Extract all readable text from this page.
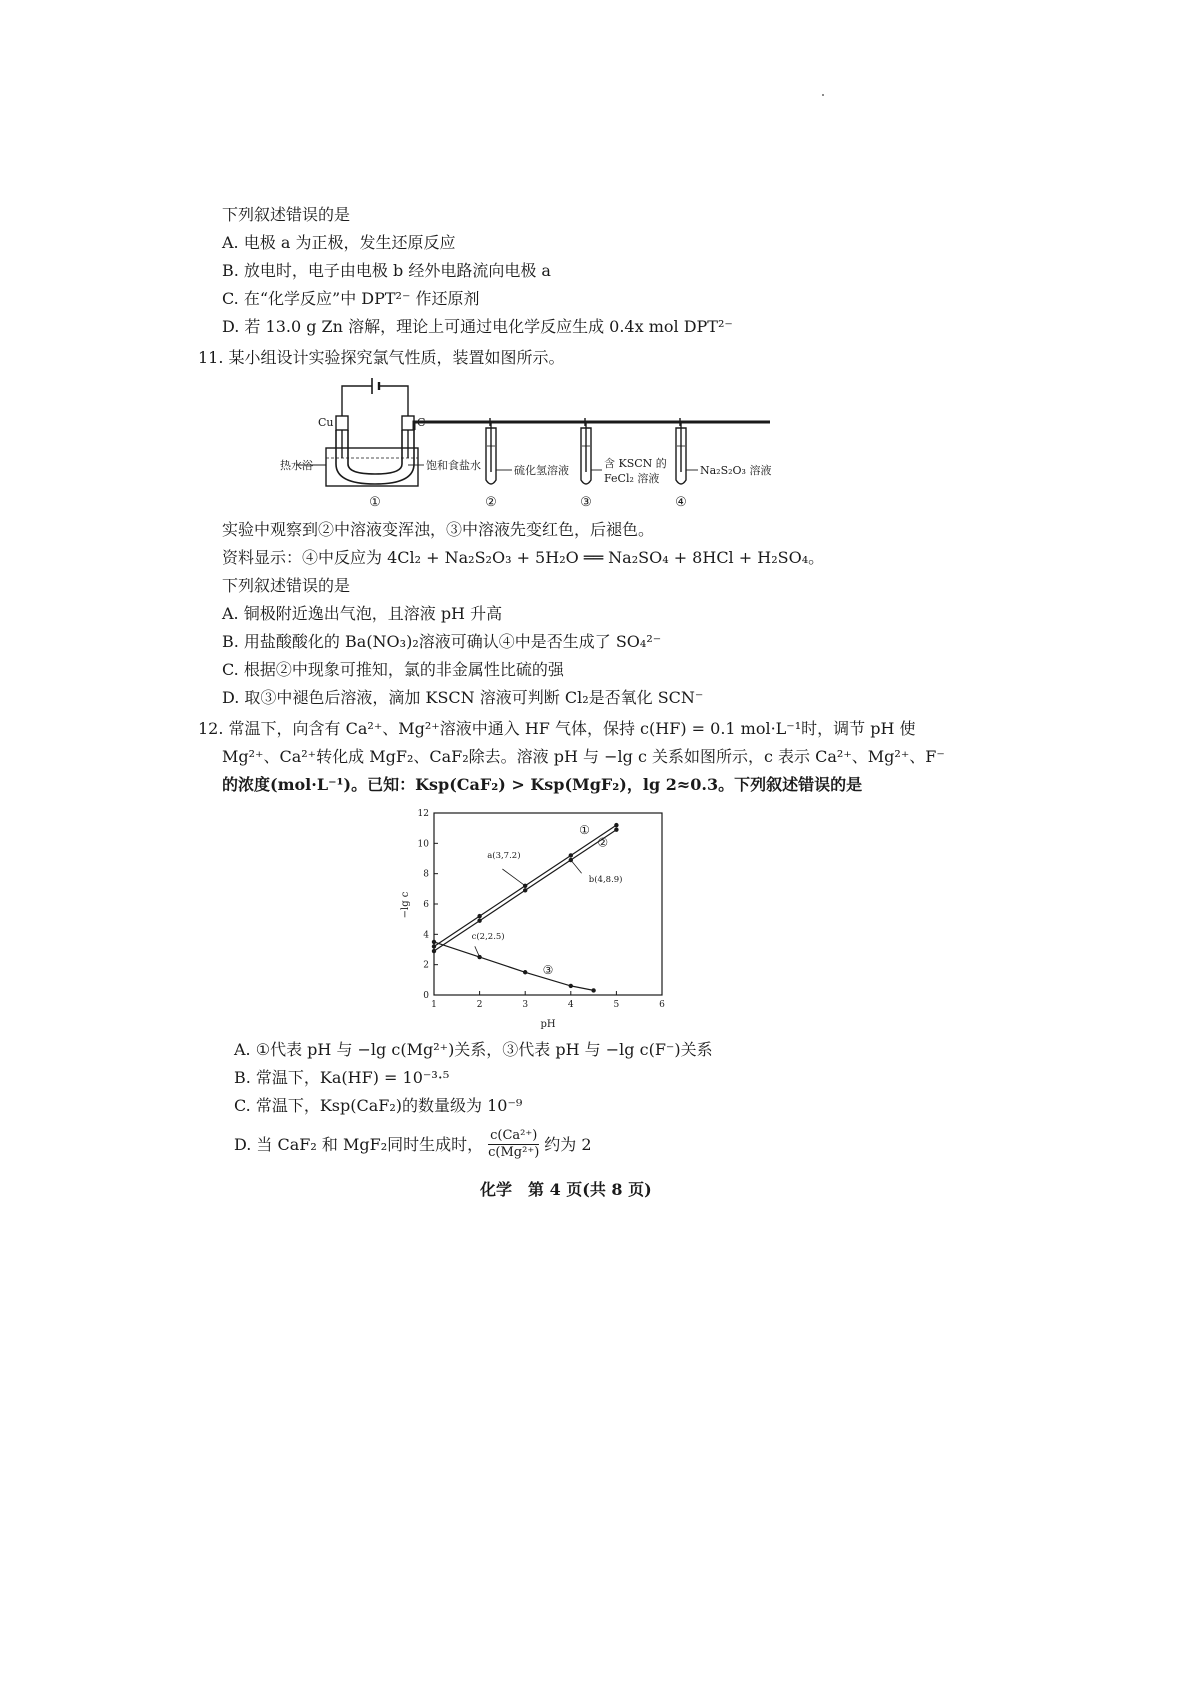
下列叙述错误的是
A. 电极 a 为正极，发生还原反应
B. 放电时，电子由电极 b 经外电路流向电极 a
C. 在“化学反应”中 DPT²⁻ 作还原剂
D. 若 13.0 g Zn 溶解，理论上可通过电化学反应生成 0.4x mol DPT²⁻
11. 某小组设计实验探究氯气性质，装置如图所示。
Cu	C
热水浴	饱和食盐水	硫化氢溶液
含 KSCN 的
FeCl₂ 溶液
Na₂S₂O₃ 溶液
①	②	③	④
实验中观察到②中溶液变浑浊，③中溶液先变红色，后褪色。
资料显示：④中反应为 4Cl₂ + Na₂S₂O₃ + 5H₂O ══ Na₂SO₄ + 8HCl + H₂SO₄。
下列叙述错误的是
A. 铜极附近逸出气泡，且溶液 pH 升高
B. 用盐酸酸化的 Ba(NO₃)₂溶液可确认④中是否生成了 SO₄²⁻
C. 根据②中现象可推知，氯的非金属性比硫的强
D. 取③中褪色后溶液，滴加 KSCN 溶液可判断 Cl₂是否氧化 SCN⁻
12. 常温下，向含有 Ca²⁺、Mg²⁺溶液中通入 HF 气体，保持 c(HF) = 0.1 mol·L⁻¹时，调节 pH 使
Mg²⁺、Ca²⁺转化成 MgF₂、CaF₂除去。溶液 pH 与 −lg c 关系如图所示，c 表示 Ca²⁺、Mg²⁺、F⁻
的浓度(mol·L⁻¹)。已知：Ksp(CaF₂) > Ksp(MgF₂)，lg 2≈0.3。下列叙述错误的是
1	2	3	4	5	6
0
2
4
6
8
10
12
①
②
③
a(3,7.2)
b(4,8.9)
c(2,2.5)
pH
−lg c
A. ①代表 pH 与 −lg c(Mg²⁺)关系，③代表 pH 与 −lg c(F⁻)关系
B. 常温下，Ka(HF) = 10⁻³·⁵
C. 常温下，Ksp(CaF₂)的数量级为 10⁻⁹
D. 当 CaF₂ 和 MgF₂同时生成时， $\frac{\text{c(Ca²⁺)}}{\text{c(Mg²⁺)}}$ 约为 2
化学　第 4 页(共 8 页)
